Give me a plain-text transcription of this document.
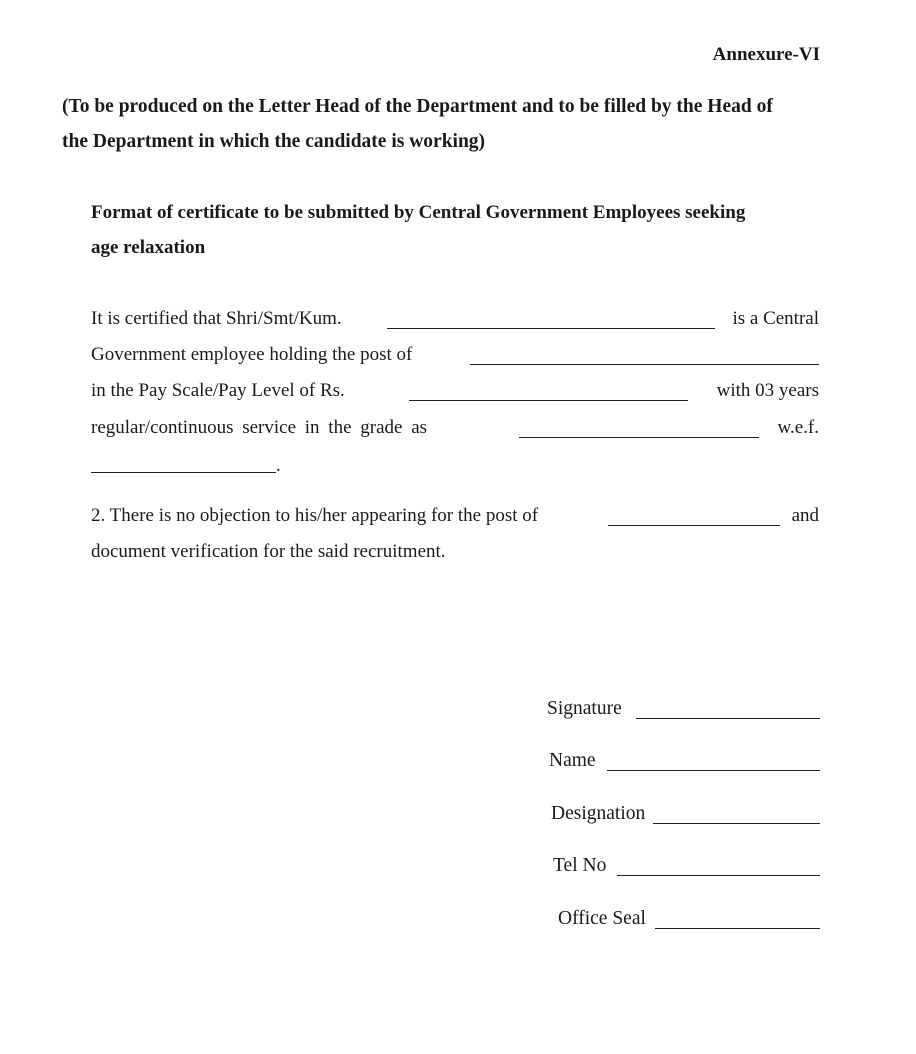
Annexure-VI
(To be produced on the Letter Head of the Department and to be filled by the Head of
the Department in which the candidate is working)
Format of certificate to be submitted by Central Government Employees seeking
age relaxation
It is certified that Shri/Smt/Kum.	is a Central
Government employee holding the post of
in the Pay Scale/Pay Level of Rs.	with 03 years
regular/continuous service in the grade as	w.e.f.
.
2. There is no objection to his/her appearing for the post of	and
document verification for the said recruitment.
Signature
Name
Designation
Tel No
Office Seal
